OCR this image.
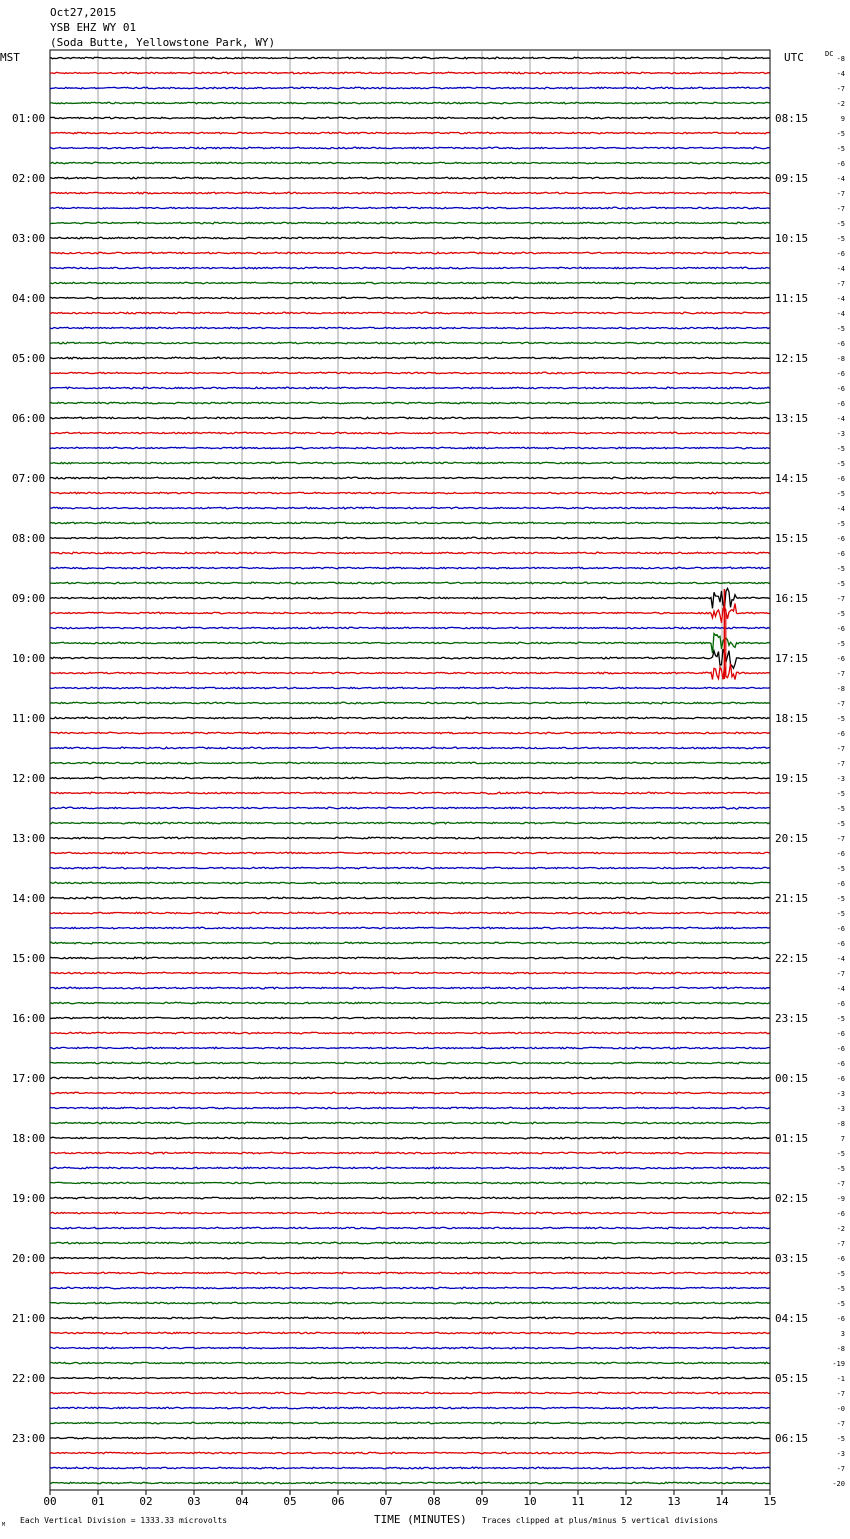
Oct27,2015
YSB EHZ WY 01
(Soda Butte, Yellowstone Park, WY)
MST	UTC	DC
01:00
02:00
03:00
04:00
05:00
06:00
07:00
08:00
09:00
10:00
11:00
12:00
13:00
14:00
15:00
16:00
17:00
18:00
19:00
20:00
21:00
22:00
23:00
08:15
09:15
10:15
11:15
12:15
13:15
14:15
15:15
16:15
17:15
18:15
19:15
20:15
21:15
22:15
23:15
00:15
01:15
02:15
03:15
04:15
05:15
06:15
-8
-4
-7
-2
9
-5
-5
-6
-4
-7
-7
-5
-5
-6
-4
-7
-4
-4
-5
-6
-8
-6
-6
-6
-4
-3
-5
-5
-6
-5
-4
-5
-6
-6
-5
-5
-7
-5
-6
-5
-6
-7
-8
-7
-5
-6
-7
-7
-3
-5
-5
-5
-7
-6
-5
-6
-5
-5
-6
-6
-4
-7
-4
-6
-5
-6
-6
-6
-6
-3
-3
-8
7
-5
-5
-7
-9
-6
-2
-7
-6
-5
-5
-5
-6
3
-8
-19
-1
-7
-0
-7
-5
-3
-7
-20
00	01	02	03	04	05	06	07	08	09	10	11	12	13	14	15
M Each Vertical Division = 1333.33 microvolts	TIME (MINUTES) Traces clipped at plus/minus 5 vertical divisions
